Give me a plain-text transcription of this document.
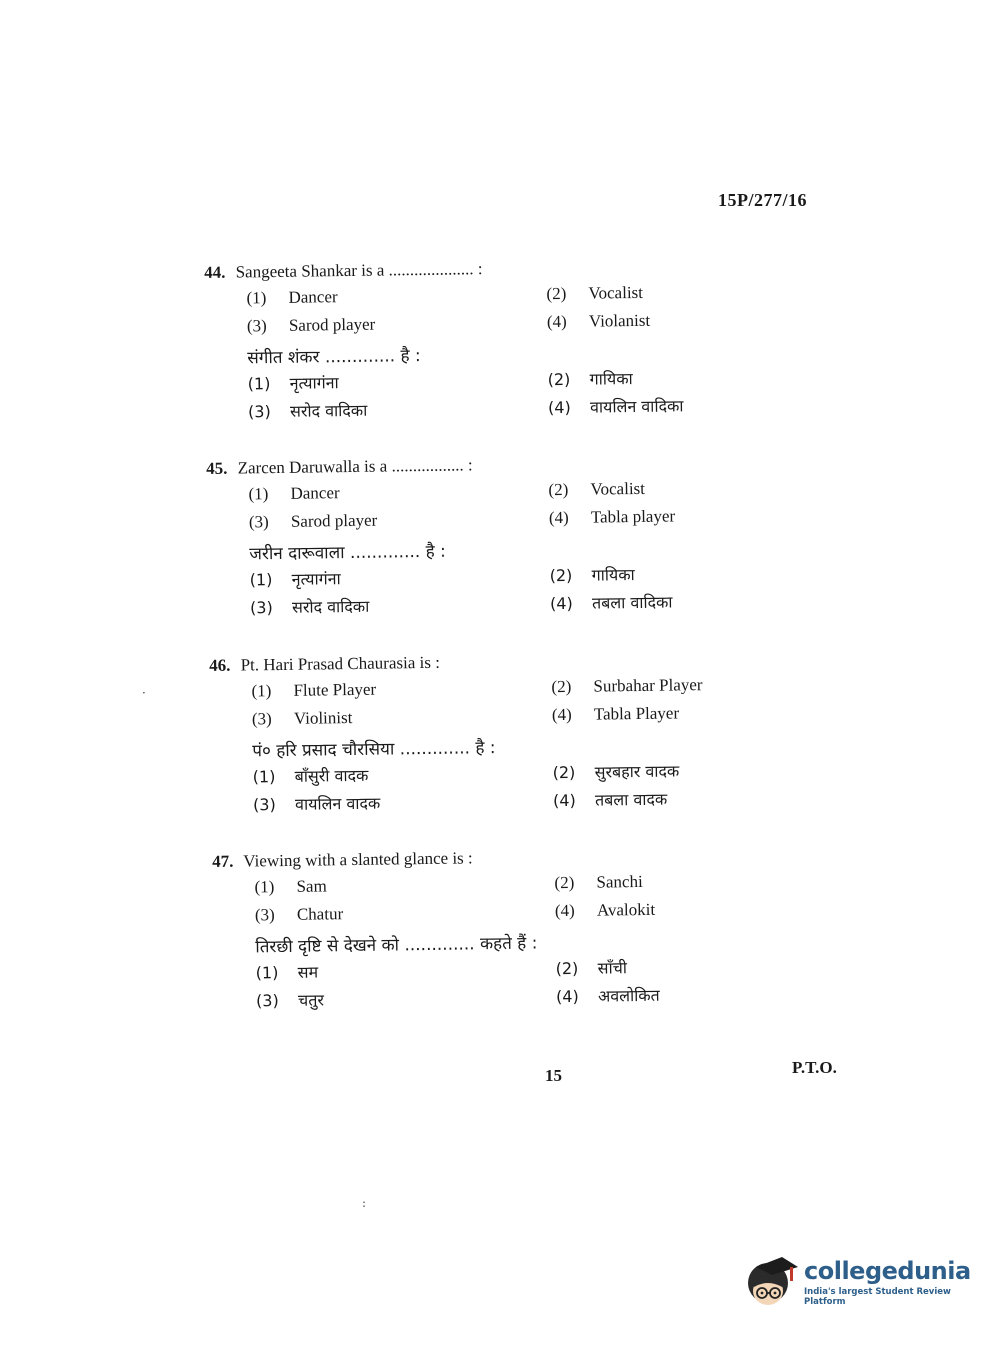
15P/277/16
44. Sangeeta Shankar is a .................... :
(1) Dancer	(2) Vocalist
(3) Sarod player	(4) Violanist
संगीत शंकर ............. है :
(1) नृत्यागंना	(2) गायिका
(3) सरोद वादिका	(4) वायलिन वादिका
45. Zarcen Daruwalla is a ................. :
(1) Dancer	(2) Vocalist
(3) Sarod player	(4) Tabla player
जरीन दारूवाला ............. है :
(1) नृत्यागंना	(2) गायिका
(3) सरोद वादिका	(4) तबला वादिका
46. Pt. Hari Prasad Chaurasia is :
(1) Flute Player	(2) Surbahar Player
(3) Violinist	(4) Tabla Player
पं० हरि प्रसाद चौरसिया ............. है :
(1) बाँसुरी वादक	(2) सुरबहार वादक
(3) वायलिन वादक	(4) तबला वादक
47. Viewing with a slanted glance is :
(1) Sam	(2) Sanchi
(3) Chatur	(4) Avalokit
तिरछी दृष्टि से देखने को ............. कहते हैं :
(1) सम	(2) साँची
(3) चतुर	(4) अवलोकित
15	P.T.O.
·
:
collegedunia
India's largest Student Review Platform
